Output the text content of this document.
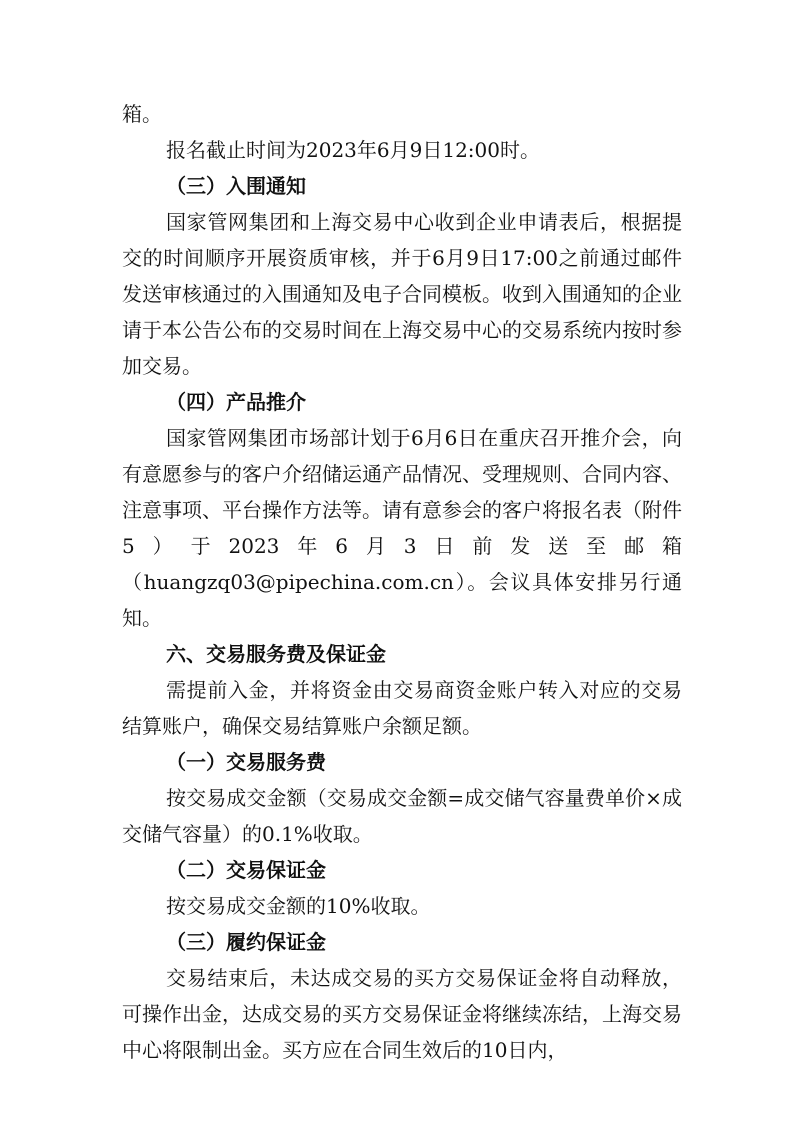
箱。

报名截止时间为2023年6月9日12:00时。

（三）入围通知

国家管网集团和上海交易中心收到企业申请表后，根据提交的时间顺序开展资质审核，并于6月9日17:00之前通过邮件发送审核通过的入围通知及电子合同模板。收到入围通知的企业请于本公告公布的交易时间在上海交易中心的交易系统内按时参加交易。

（四）产品推介

国家管网集团市场部计划于6月6日在重庆召开推介会，向有意愿参与的客户介绍储运通产品情况、受理规则、合同内容、注意事项、平台操作方法等。请有意参会的客户将报名表（附件5）于2023年6月3日前发送至邮箱（huangzq03@pipechina.com.cn）。会议具体安排另行通知。

六、交易服务费及保证金

需提前入金，并将资金由交易商资金账户转入对应的交易结算账户，确保交易结算账户余额足额。

（一）交易服务费

按交易成交金额（交易成交金额=成交储气容量费单价×成交储气容量）的0.1%收取。

（二）交易保证金

按交易成交金额的10%收取。

（三）履约保证金

交易结束后，未达成交易的买方交易保证金将自动释放，可操作出金，达成交易的买方交易保证金将继续冻结，上海交易中心将限制出金。买方应在合同生效后的10日内，
